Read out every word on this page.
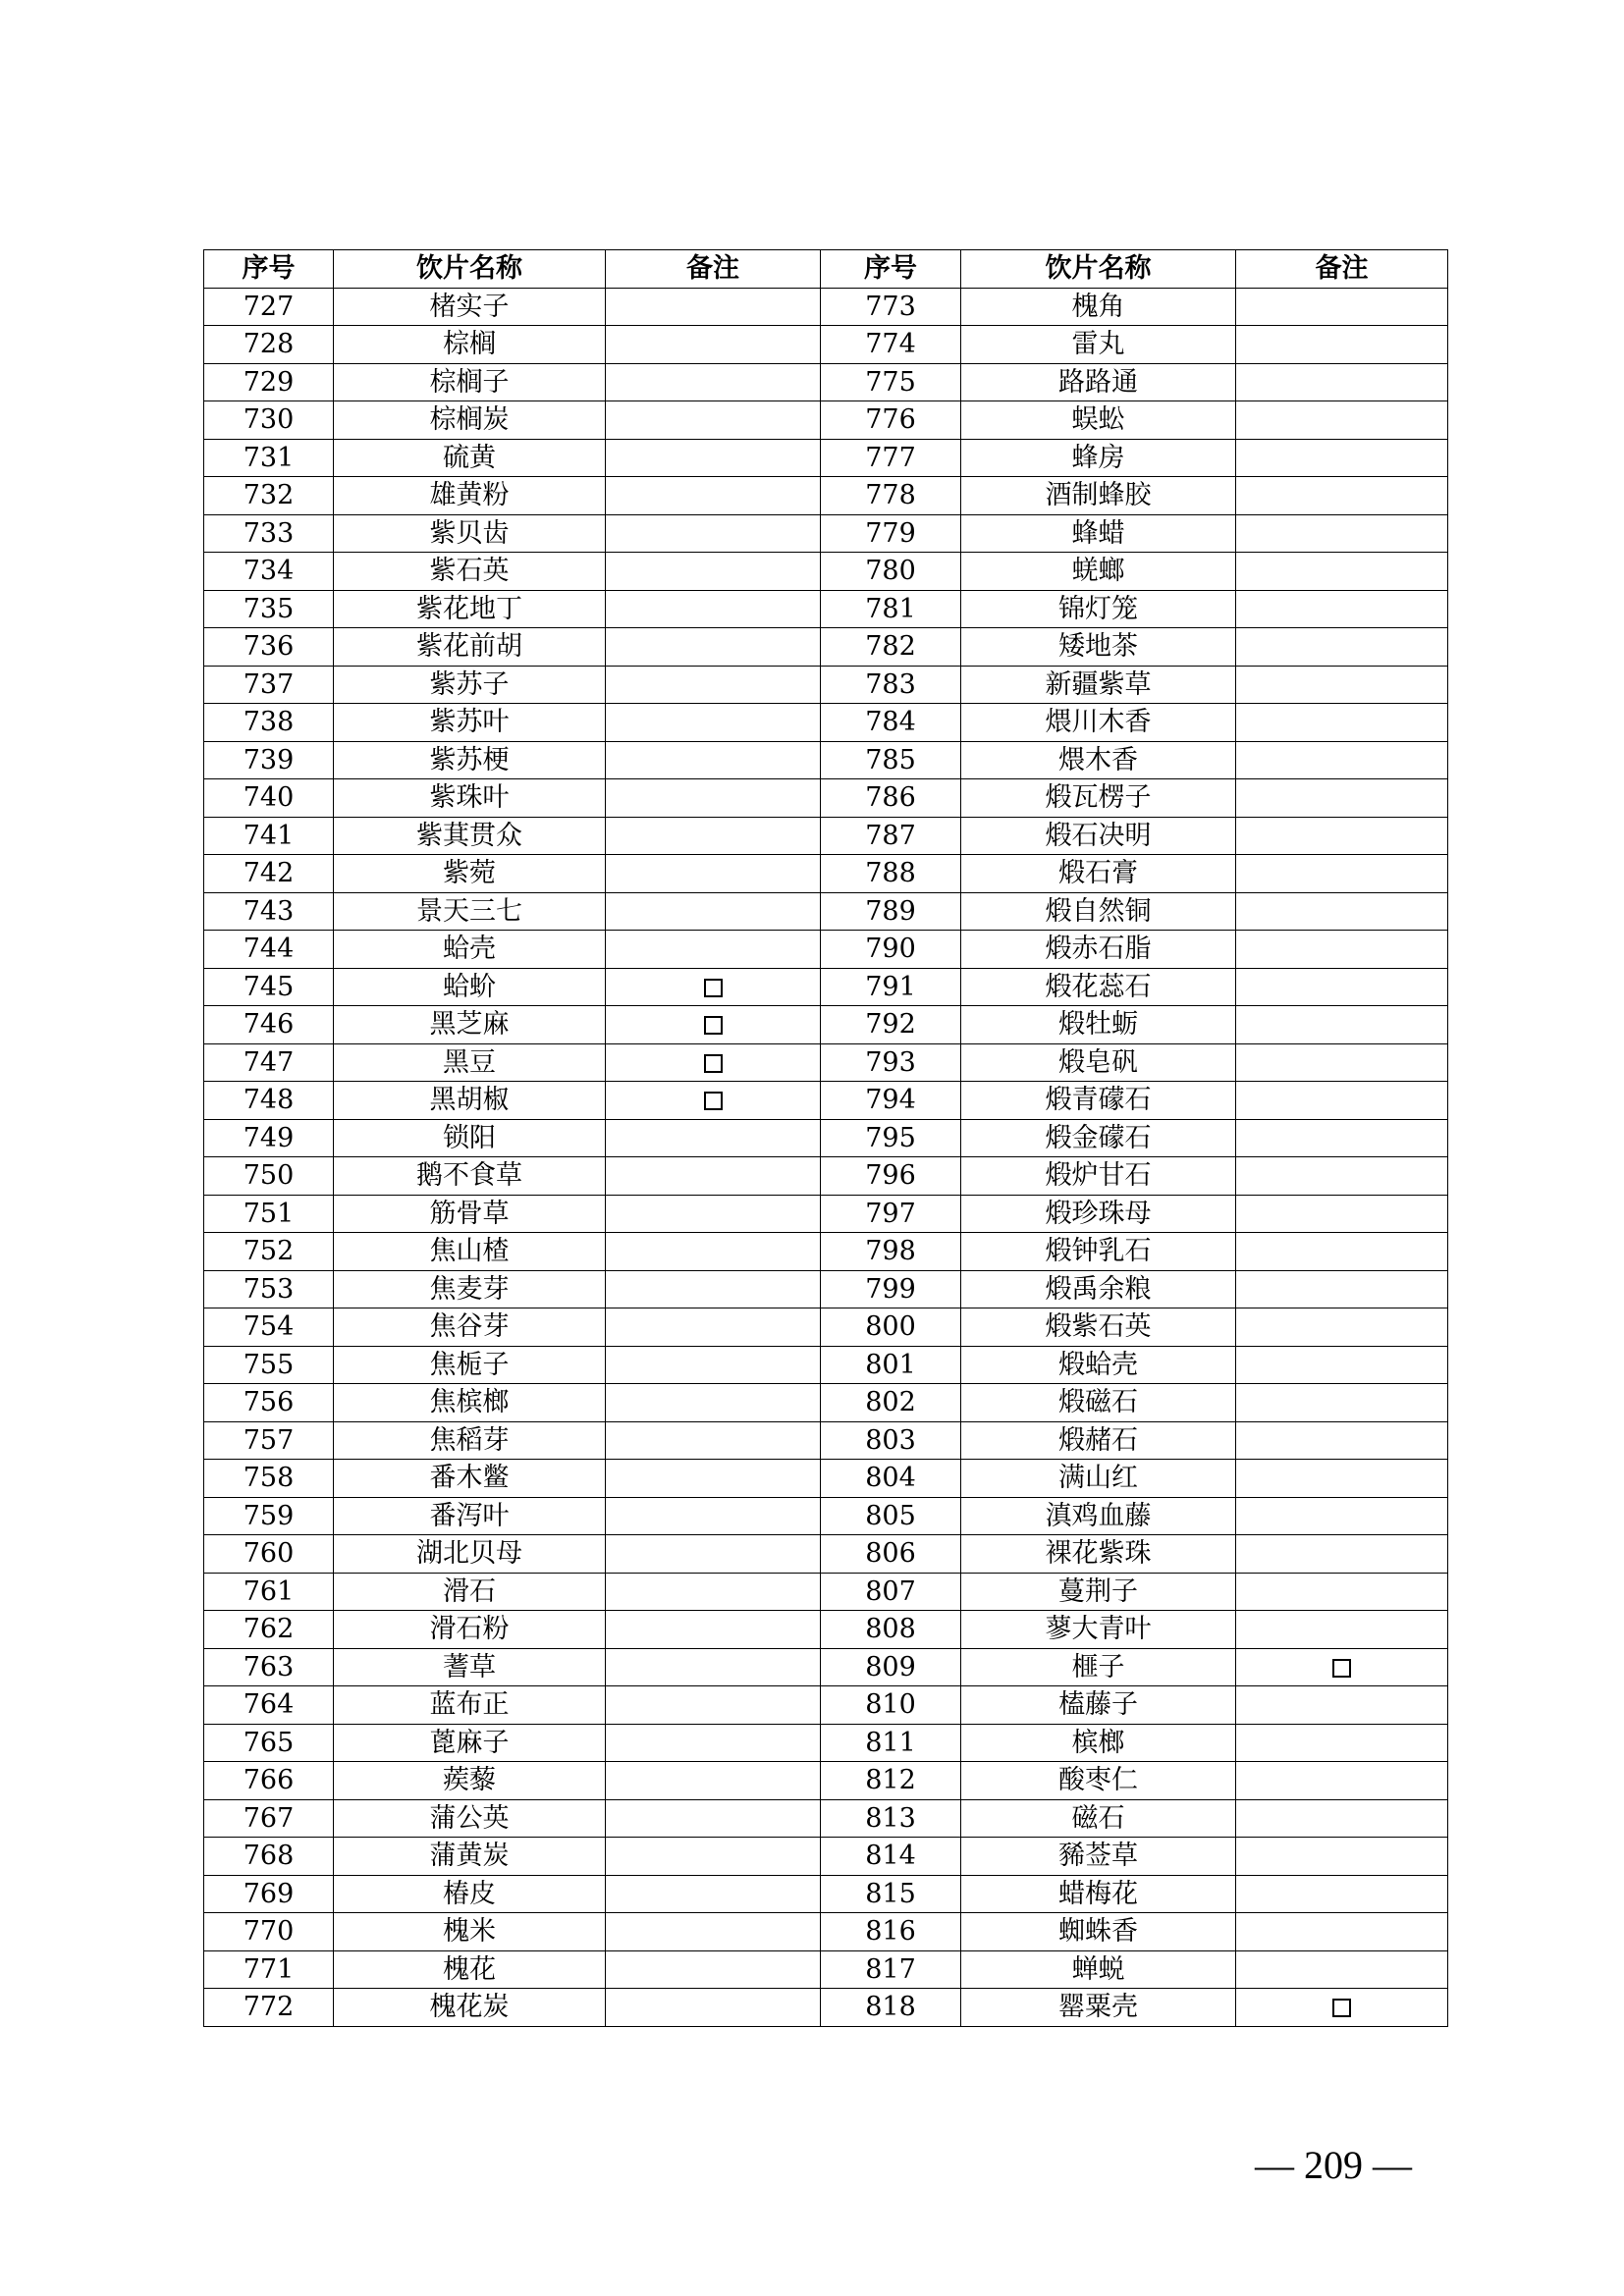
序号	饮片名称	备注	序号	饮片名称	备注
727	楮实子		773	槐角	
728	棕榈		774	雷丸	
729	棕榈子		775	路路通	
730	棕榈炭		776	蜈蚣	
731	硫黄		777	蜂房	
732	雄黄粉		778	酒制蜂胶	
733	紫贝齿		779	蜂蜡	
734	紫石英		780	蜣螂	
735	紫花地丁		781	锦灯笼	
736	紫花前胡		782	矮地茶	
737	紫苏子		783	新疆紫草	
738	紫苏叶		784	煨川木香	
739	紫苏梗		785	煨木香	
740	紫珠叶		786	煅瓦楞子	
741	紫萁贯众		787	煅石决明	
742	紫菀		788	煅石膏	
743	景天三七		789	煅自然铜	
744	蛤壳		790	煅赤石脂	
745	蛤蚧		791	煅花蕊石	
746	黑芝麻		792	煅牡蛎	
747	黑豆		793	煅皂矾	
748	黑胡椒		794	煅青礞石	
749	锁阳		795	煅金礞石	
750	鹅不食草		796	煅炉甘石	
751	筋骨草		797	煅珍珠母	
752	焦山楂		798	煅钟乳石	
753	焦麦芽		799	煅禹余粮	
754	焦谷芽		800	煅紫石英	
755	焦栀子		801	煅蛤壳	
756	焦槟榔		802	煅磁石	
757	焦稻芽		803	煅赭石	
758	番木鳖		804	满山红	
759	番泻叶		805	滇鸡血藤	
760	湖北贝母		806	裸花紫珠	
761	滑石		807	蔓荆子	
762	滑石粉		808	蓼大青叶	
763	蓍草		809	榧子	
764	蓝布正		810	榼藤子	
765	蓖麻子		811	槟榔	
766	蒺藜		812	酸枣仁	
767	蒲公英		813	磁石	
768	蒲黄炭		814	豨莶草	
769	椿皮		815	蜡梅花	
770	槐米		816	蜘蛛香	
771	槐花		817	蝉蜕	
772	槐花炭		818	罂粟壳	
— 209 —
